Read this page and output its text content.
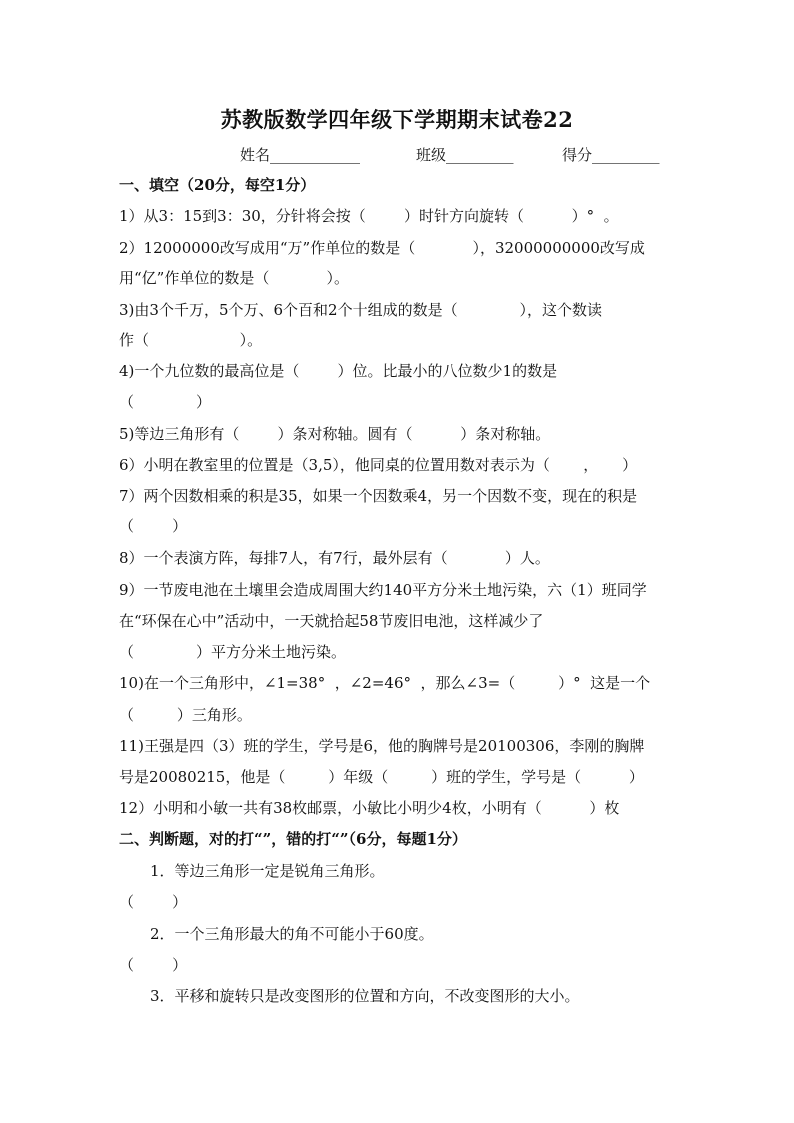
苏教版数学四年级下学期期末试卷22
姓名____________	班级_________	得分_________
一、填空（20分，每空1分）
1）从3：15到3：30，分针将会按（        ）时针方向旋转（          ）°  。
2）12000000改写成用“万”作单位的数是（            ），32000000000改写成
用“亿”作单位的数是（            ）。
3)由3个千万，5个万、6个百和2个十组成的数是（             ），这个数读
作（                   ）。
4)一个九位数的最高位是（        ）位。比最小的八位数少1的数是
（             ）
5)等边三角形有（        ）条对称轴。圆有（          ）条对称轴。
6）小明在教室里的位置是（3,5），他同桌的位置用数对表示为（       ，     ）
7）两个因数相乘的积是35，如果一个因数乘4，另一个因数不变，现在的积是
（        ）
8）一个表演方阵，每排7人，有7行，最外层有（            ）人。
9）一节废电池在土壤里会造成周围大约140平方分米土地污染，六（1）班同学
在“环保在心中”活动中，一天就拾起58节废旧电池，这样减少了
（             ）平方分米土地污染。
10)在一个三角形中，∠1=38°  ，∠2=46°  ，那么∠3=（         ）°  这是一个
（         ）三角形。
11)王强是四（3）班的学生，学号是6，他的胸牌号是20100306，李刚的胸牌
号是20080215，他是（         ）年级（         ）班的学生，学号是（          ）
12）小明和小敏一共有38枚邮票，小敏比小明少4枚，小明有（          ）枚
二、判断题，对的打“”，错的打“”（6分，每题1分）
1．等边三角形一定是锐角三角形。
（        ）
2．一个三角形最大的角不可能小于60度。
（        ）
3．平移和旋转只是改变图形的位置和方向，不改变图形的大小。
